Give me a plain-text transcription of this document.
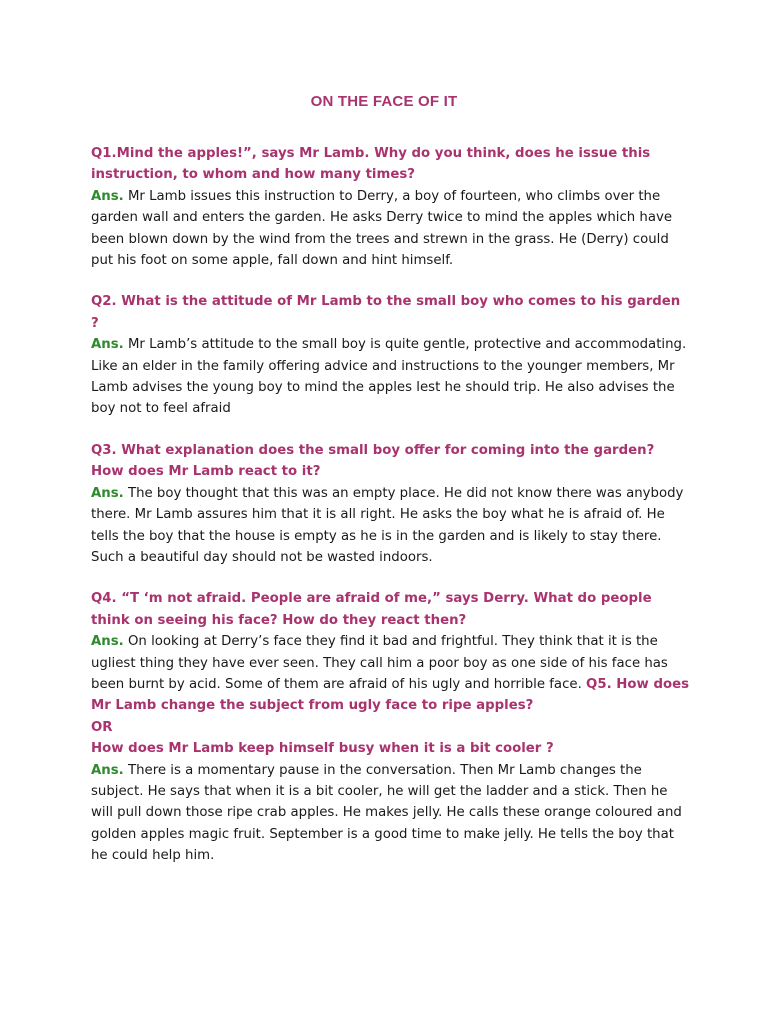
ON THE FACE OF IT
Q1.Mind the apples!”, says Mr Lamb. Why do you think, does he issue this instruction, to whom and how many times?
Ans. Mr Lamb issues this instruction to Derry, a boy of fourteen, who climbs over the garden wall and enters the garden. He asks Derry twice to mind the apples which have been blown down by the wind from the trees and strewn in the grass. He (Derry) could put his foot on some apple, fall down and hint himself.
Q2. What is the attitude of Mr Lamb to the small boy who comes to his garden ?
Ans. Mr Lamb’s attitude to the small boy is quite gentle, protective and accommodating. Like an elder in the family offering advice and instructions to the younger members, Mr Lamb advises the young boy to mind the apples lest he should trip. He also advises the boy not to feel afraid
Q3. What explanation does the small boy offer for coming into the garden? How does Mr Lamb react to it?
Ans. The boy thought that this was an empty place. He did not know there was anybody there. Mr Lamb assures him that it is all right. He asks the boy what he is afraid of. He tells the boy that the house is empty as he is in the garden and is likely to stay there. Such a beautiful day should not be wasted indoors.
Q4. “T ‘m not afraid. People are afraid of me,” says Derry. What do people think on seeing his face? How do they react then?
Ans. On looking at Derry’s face they find it bad and frightful. They think that it is the ugliest thing they have ever seen. They call him a poor boy as one side of his face has been burnt by acid. Some of them are afraid of his ugly and horrible face. Q5. How does Mr Lamb change the subject from ugly face to ripe apples?
OR
How does Mr Lamb keep himself busy when it is a bit cooler ?
Ans. There is a momentary pause in the conversation. Then Mr Lamb changes the subject. He says that when it is a bit cooler, he will get the ladder and a stick. Then he will pull down those ripe crab apples. He makes jelly. He calls these orange coloured and golden apples magic fruit. September is a good time to make jelly. He tells the boy that he could help him.
